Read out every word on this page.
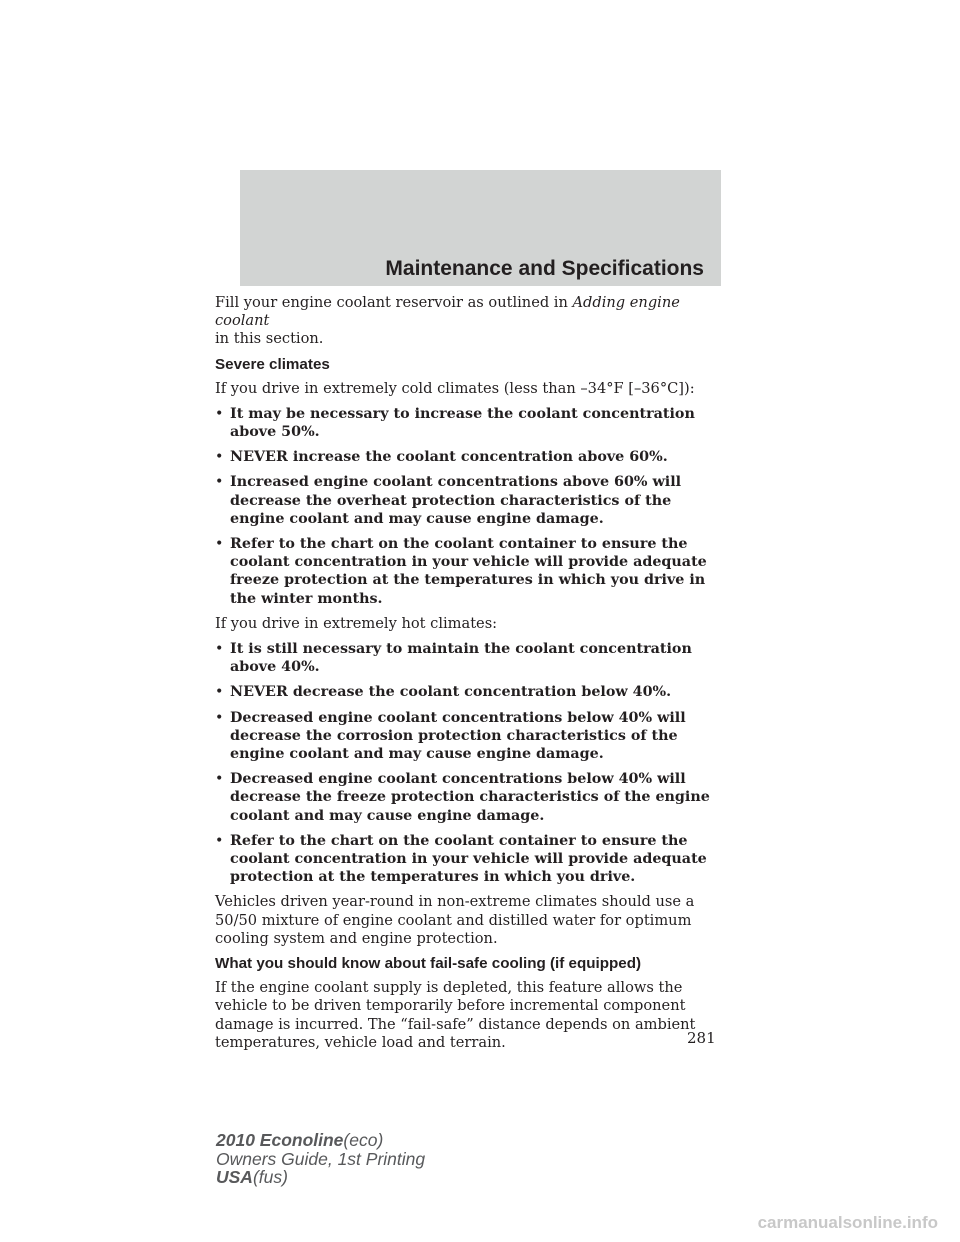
Maintenance and Specifications

Fill your engine coolant reservoir as outlined in Adding engine coolant
in this section.

Severe climates

If you drive in extremely cold climates (less than –34°F [–36°C]):

• It may be necessary to increase the coolant concentration above 50%.
• NEVER increase the coolant concentration above 60%.
• Increased engine coolant concentrations above 60% will decrease the overheat protection characteristics of the engine coolant and may cause engine damage.
• Refer to the chart on the coolant container to ensure the coolant concentration in your vehicle will provide adequate freeze protection at the temperatures in which you drive in the winter months.

If you drive in extremely hot climates:

• It is still necessary to maintain the coolant concentration above 40%.
• NEVER decrease the coolant concentration below 40%.
• Decreased engine coolant concentrations below 40% will decrease the corrosion protection characteristics of the engine coolant and may cause engine damage.
• Decreased engine coolant concentrations below 40% will decrease the freeze protection characteristics of the engine coolant and may cause engine damage.
• Refer to the chart on the coolant container to ensure the coolant concentration in your vehicle will provide adequate protection at the temperatures in which you drive.

Vehicles driven year-round in non-extreme climates should use a 50/50 mixture of engine coolant and distilled water for optimum cooling system and engine protection.

What you should know about fail-safe cooling (if equipped)

If the engine coolant supply is depleted, this feature allows the vehicle to be driven temporarily before incremental component damage is incurred. The “fail-safe” distance depends on ambient temperatures, vehicle load and terrain.	281
2010 Econoline(eco)
Owners Guide, 1st Printing
USA(fus)
carmanualsonline.info
